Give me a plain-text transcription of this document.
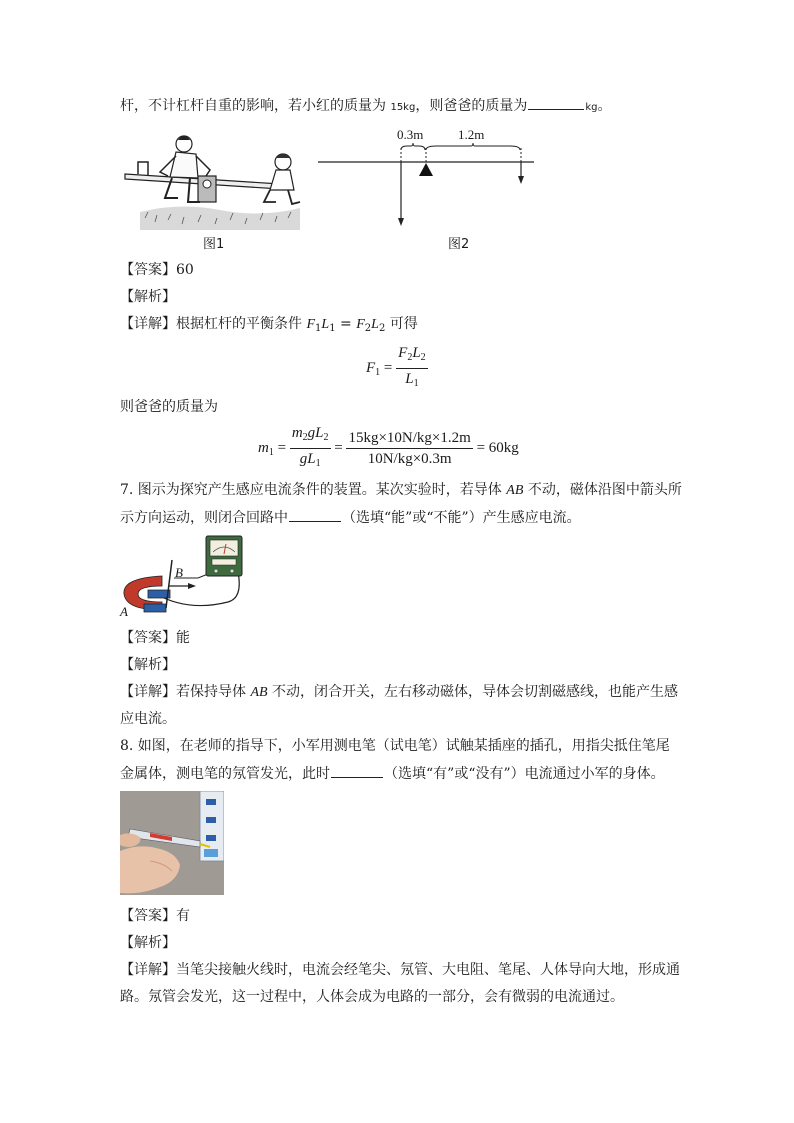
杆，不计杠杆自重的影响，若小红的质量为 15kg，则爸爸的质量为	kg。
图1
0.3m	1.2m
图2
【答案】60
【解析】
【详解】根据杠杆的平衡条件 $F_1L_1 = F_2L_2$ 可得
$F_1 = \frac{F_2L_2}{L_1}$
则爸爸的质量为
$m_1 = \frac{m_2gL_2}{gL_1} = \frac{15kg\times 10N/kg\times 1.2m}{10N/kg\times 0.3m} = 60kg$
7. 图示为探究产生感应电流条件的装置。某次实验时，若导体 AB 不动，磁体沿图中箭头所
示方向运动，则闭合回路中	（选填“能”或“不能”）产生感应电流。
B
A
【答案】能
【解析】
【详解】若保持导体 AB 不动，闭合开关，左右移动磁体，导体会切割磁感线，也能产生感
应电流。
8. 如图，在老师的指导下，小军用测电笔（试电笔）试触某插座的插孔，用指尖抵住笔尾
金属体，测电笔的氖管发光，此时	（选填“有”或“没有”）电流通过小军的身体。
【答案】有
【解析】
【详解】当笔尖接触火线时，电流会经笔尖、氖管、大电阻、笔尾、人体导向大地，形成通
路。氖管会发光，这一过程中，人体会成为电路的一部分，会有微弱的电流通过。
